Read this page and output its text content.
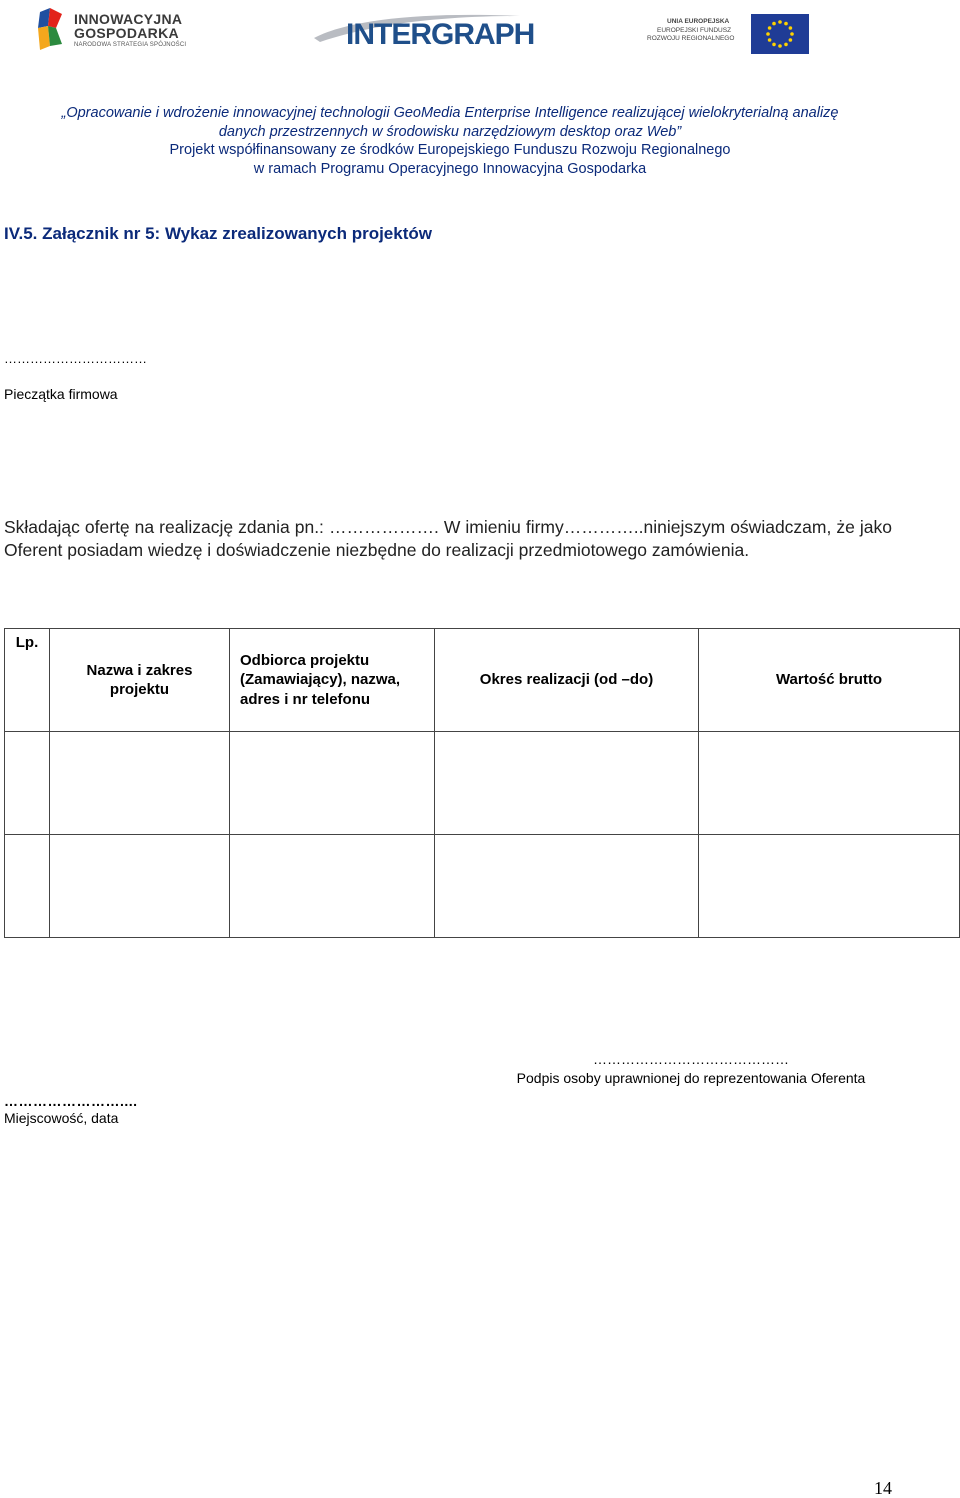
INNOWACYJNA
GOSPODARKA
NARODOWA STRATEGIA SPÓJNOŚCI	INTERGRAPH	UNIA EUROPEJSKA
EUROPEJSKI FUNDUSZ
ROZWOJU REGIONALNEGO
„Opracowanie i wdrożenie innowacyjnej technologii GeoMedia Enterprise Intelligence realizującej wielokryterialną analizę
danych przestrzennych w środowisku narzędziowym desktop oraz Web”
Projekt współfinansowany ze środków Europejskiego Funduszu Rozwoju Regionalnego
w ramach Programu Operacyjnego Innowacyjna Gospodarka
IV.5. Załącznik nr 5: Wykaz zrealizowanych projektów
……………………………
Pieczątka firmowa
Składając ofertę na realizację zdania pn.: ………………. W imieniu firmy…………..niniejszym oświadczam, że jako Oferent posiadam wiedzę i doświadczenie niezbędne do realizacji przedmiotowego zamówienia.
Lp.	Nazwa i zakres projektu	Odbiorca projektu (Zamawiający), nazwa, adres i nr telefonu	Okres realizacji (od –do)	Wartość brutto

……………………………………
Podpis osoby uprawnionej do reprezentowania Oferenta
……………………....
Miejscowość, data
14
